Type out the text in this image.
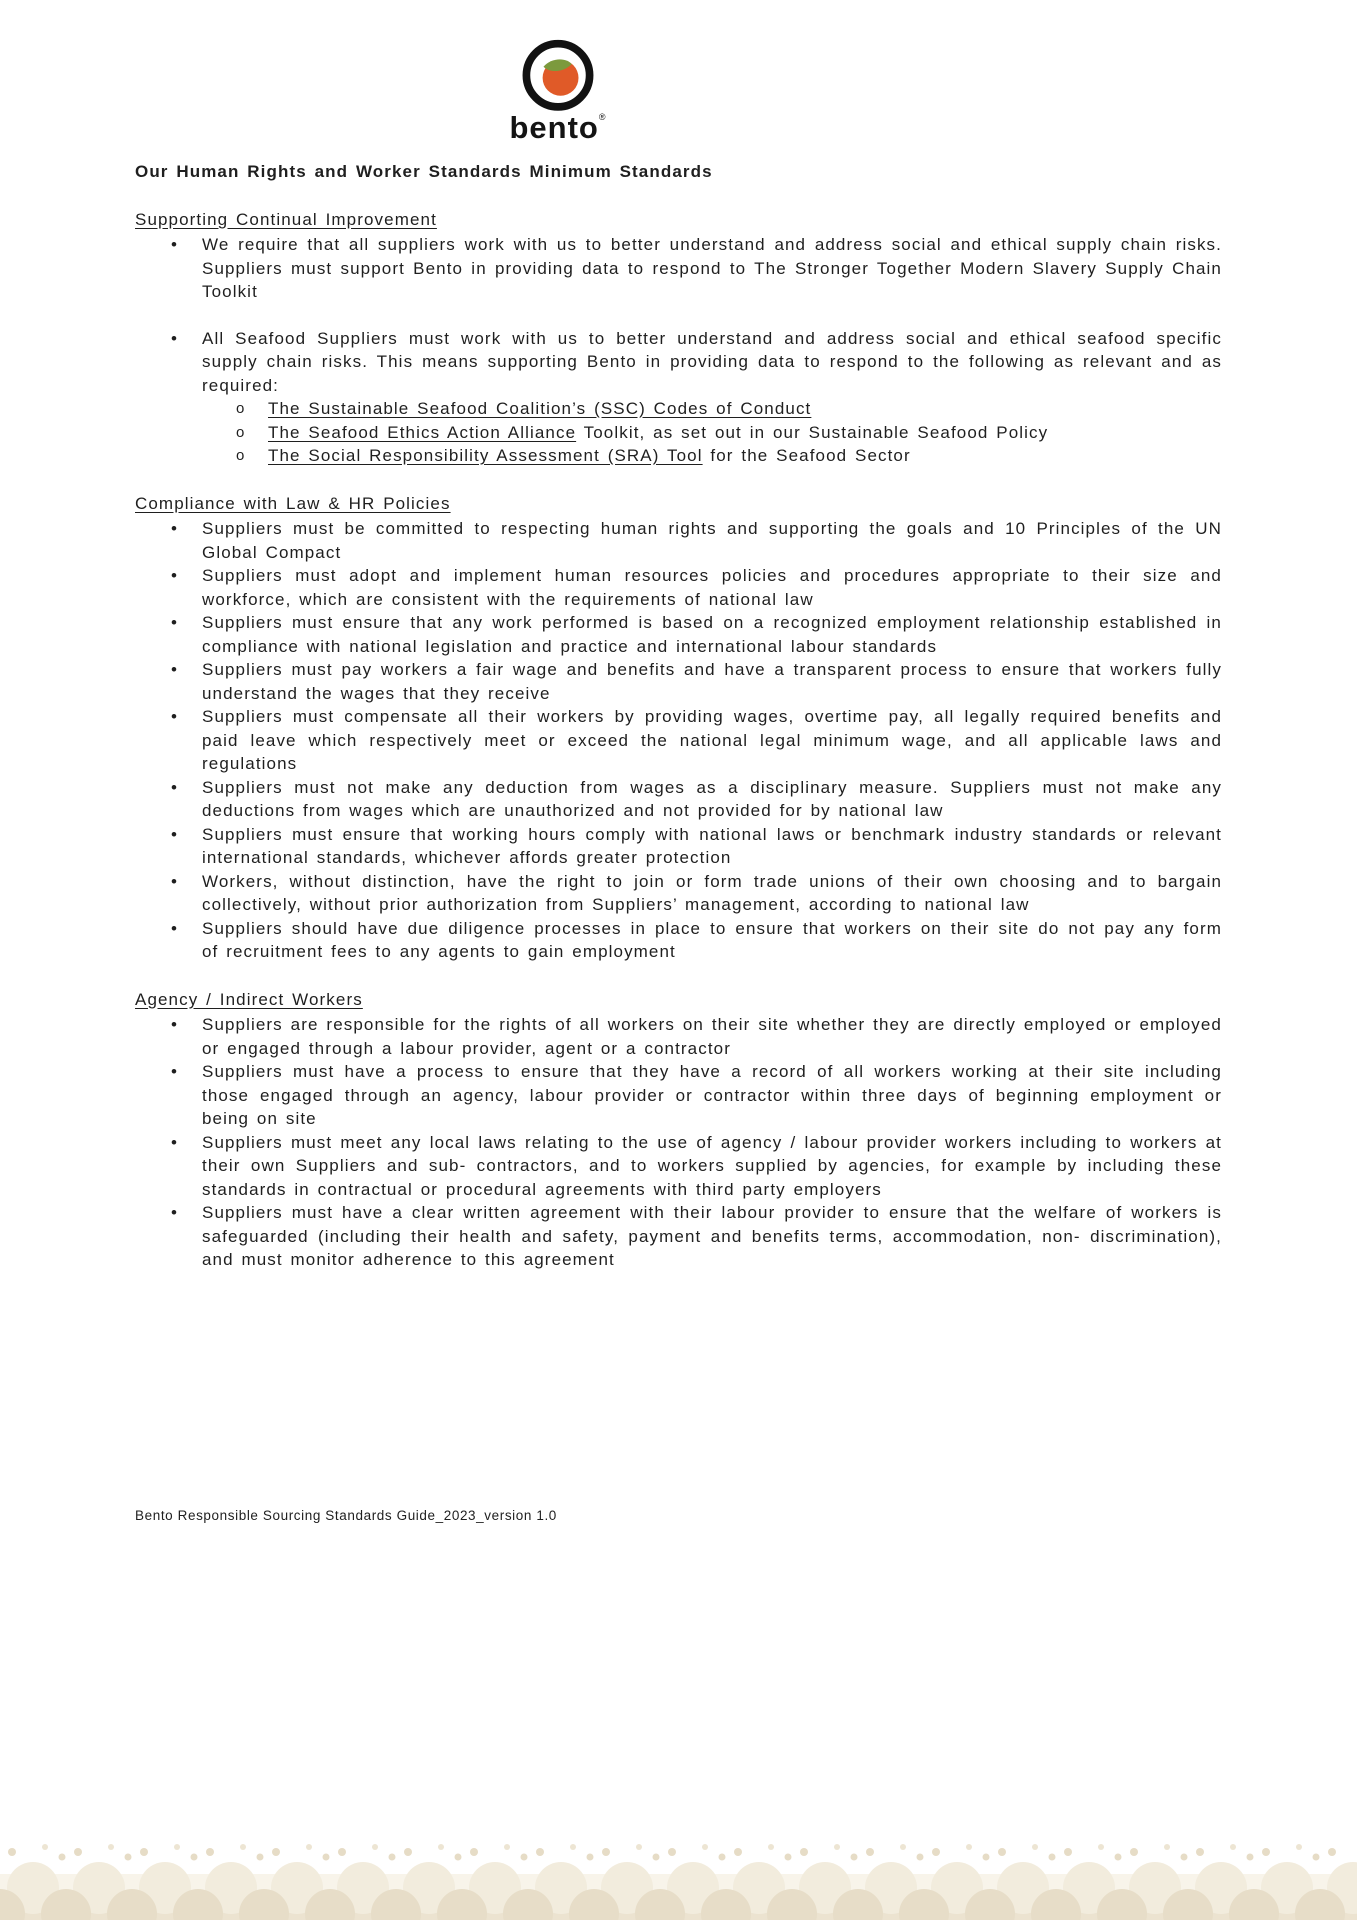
bento®
Our Human Rights and Worker Standards Minimum Standards
Supporting Continual Improvement
• We require that all suppliers work with us to better understand and address social and ethical supply chain risks. Suppliers must support Bento in providing data to respond to The Stronger Together Modern Slavery Supply Chain Toolkit
• All Seafood Suppliers must work with us to better understand and address social and ethical seafood specific supply chain risks. This means supporting Bento in providing data to respond to the following as relevant and as required:
o The Sustainable Seafood Coalition’s (SSC) Codes of Conduct
o The Seafood Ethics Action Alliance Toolkit, as set out in our Sustainable Seafood Policy
o The Social Responsibility Assessment (SRA) Tool for the Seafood Sector
Compliance with Law & HR Policies
• Suppliers must be committed to respecting human rights and supporting the goals and 10 Principles of the UN Global Compact
• Suppliers must adopt and implement human resources policies and procedures appropriate to their size and workforce, which are consistent with the requirements of national law
• Suppliers must ensure that any work performed is based on a recognized employment relationship established in compliance with national legislation and practice and international labour standards
• Suppliers must pay workers a fair wage and benefits and have a transparent process to ensure that workers fully understand the wages that they receive
• Suppliers must compensate all their workers by providing wages, overtime pay, all legally required benefits and paid leave which respectively meet or exceed the national legal minimum wage, and all applicable laws and regulations
• Suppliers must not make any deduction from wages as a disciplinary measure. Suppliers must not make any deductions from wages which are unauthorized and not provided for by national law
• Suppliers must ensure that working hours comply with national laws or benchmark industry standards or relevant international standards, whichever affords greater protection
• Workers, without distinction, have the right to join or form trade unions of their own choosing and to bargain collectively, without prior authorization from Suppliers’ management, according to national law
• Suppliers should have due diligence processes in place to ensure that workers on their site do not pay any form of recruitment fees to any agents to gain employment
Agency / Indirect Workers
• Suppliers are responsible for the rights of all workers on their site whether they are directly employed or employed or engaged through a labour provider, agent or a contractor
• Suppliers must have a process to ensure that they have a record of all workers working at their site including those engaged through an agency, labour provider or contractor within three days of beginning employment or being on site
• Suppliers must meet any local laws relating to the use of agency / labour provider workers including to workers at their own Suppliers and sub- contractors, and to workers supplied by agencies, for example by including these standards in contractual or procedural agreements with third party employers
• Suppliers must have a clear written agreement with their labour provider to ensure that the welfare of workers is safeguarded (including their health and safety, payment and benefits terms, accommodation, non- discrimination), and must monitor adherence to this agreement
Bento Responsible Sourcing Standards Guide_2023_version 1.0
